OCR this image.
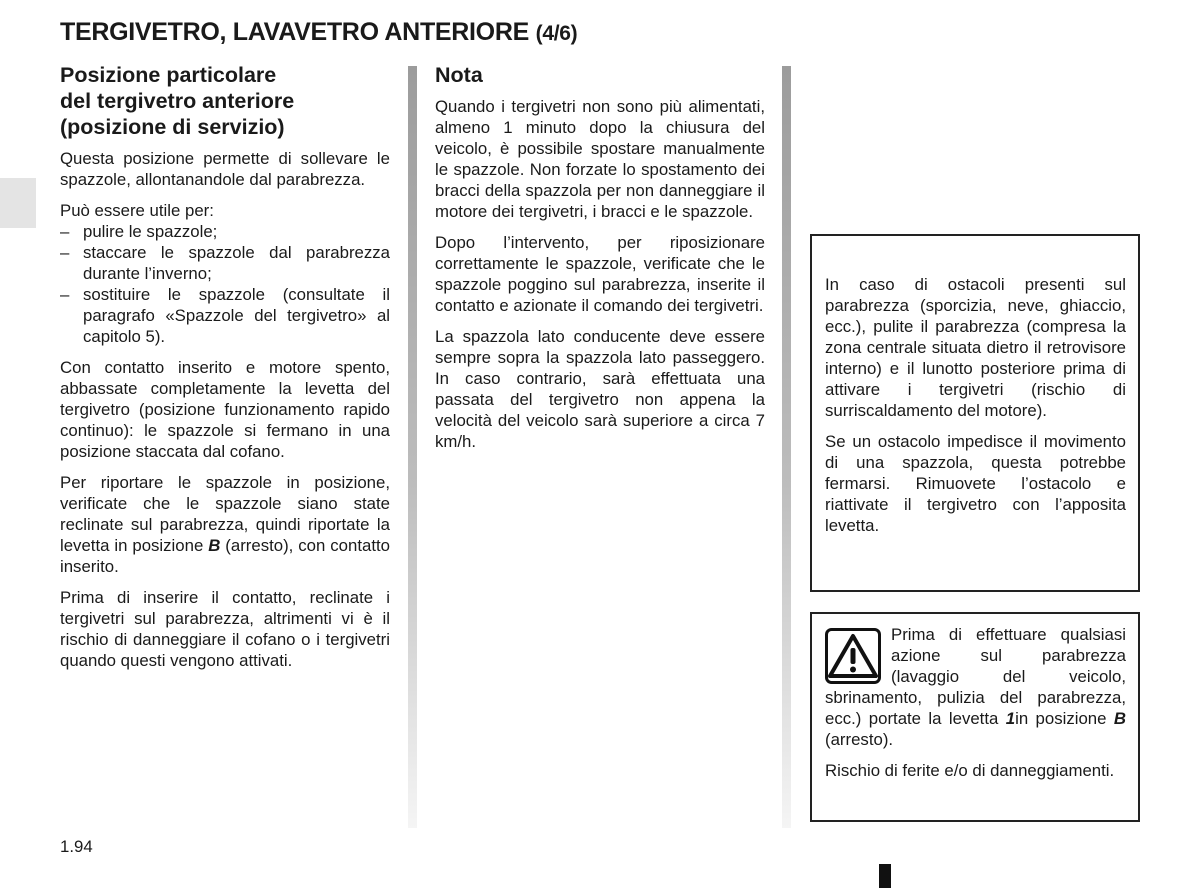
TERGIVETRO, LAVAVETRO ANTERIORE (4/6)
Posizione particolare
del tergivetro anteriore
(posizione di servizio)

Questa posizione permette di sollevare le spazzole, allontanandole dal parabrezza.

Può essere utile per:

– pulire le spazzole;
– staccare le spazzole dal parabrezza durante l’inverno;
– sostituire le spazzole (consultate il paragrafo «Spazzole del tergivetro» al capitolo 5).

Con contatto inserito e motore spento, abbassate completamente la levetta del tergivetro (posizione funzionamento rapido continuo): le spazzole si fermano in una posizione staccata dal cofano.

Per riportare le spazzole in posizione, verificate che le spazzole siano state reclinate sul parabrezza, quindi riportate la levetta in posizione B (arresto), con contatto inserito.

Prima di inserire il contatto, reclinate i tergivetri sul parabrezza, altrimenti vi è il rischio di danneggiare il cofano o i tergivetri quando questi vengono attivati.

Nota

Quando i tergivetri non sono più alimentati, almeno 1 minuto dopo la chiusura del veicolo, è possibile spostare manualmente le spazzole. Non forzate lo spostamento dei bracci della spazzola per non danneggiare il motore dei tergivetri, i bracci e le spazzole.

Dopo l’intervento, per riposizionare correttamente le spazzole, verificate che le spazzole poggino sul parabrezza, inserite il contatto e azionate il comando dei tergivetri.

La spazzola lato conducente deve essere sempre sopra la spazzola lato passeggero. In caso contrario, sarà effettuata una passata del tergivetro non appena la velocità del veicolo sarà superiore a circa 7 km/h.

In caso di ostacoli presenti sul parabrezza (sporcizia, neve, ghiaccio, ecc.), pulite il parabrezza (compresa la zona centrale situata dietro il retrovisore interno) e il lunotto posteriore prima di attivare i tergivetri (rischio di surriscaldamento del motore).

Se un ostacolo impedisce il movimento di una spazzola, questa potrebbe fermarsi. Rimuovete l’ostacolo e riattivate il tergivetro con l’apposita levetta.

Prima di effettuare qualsiasi azione sul parabrezza (lavaggio del veicolo, sbrinamento, pulizia del parabrezza, ecc.) portate la levetta 1in posizione B (arresto).

Rischio di ferite e/o di danneggiamenti.

1.94
